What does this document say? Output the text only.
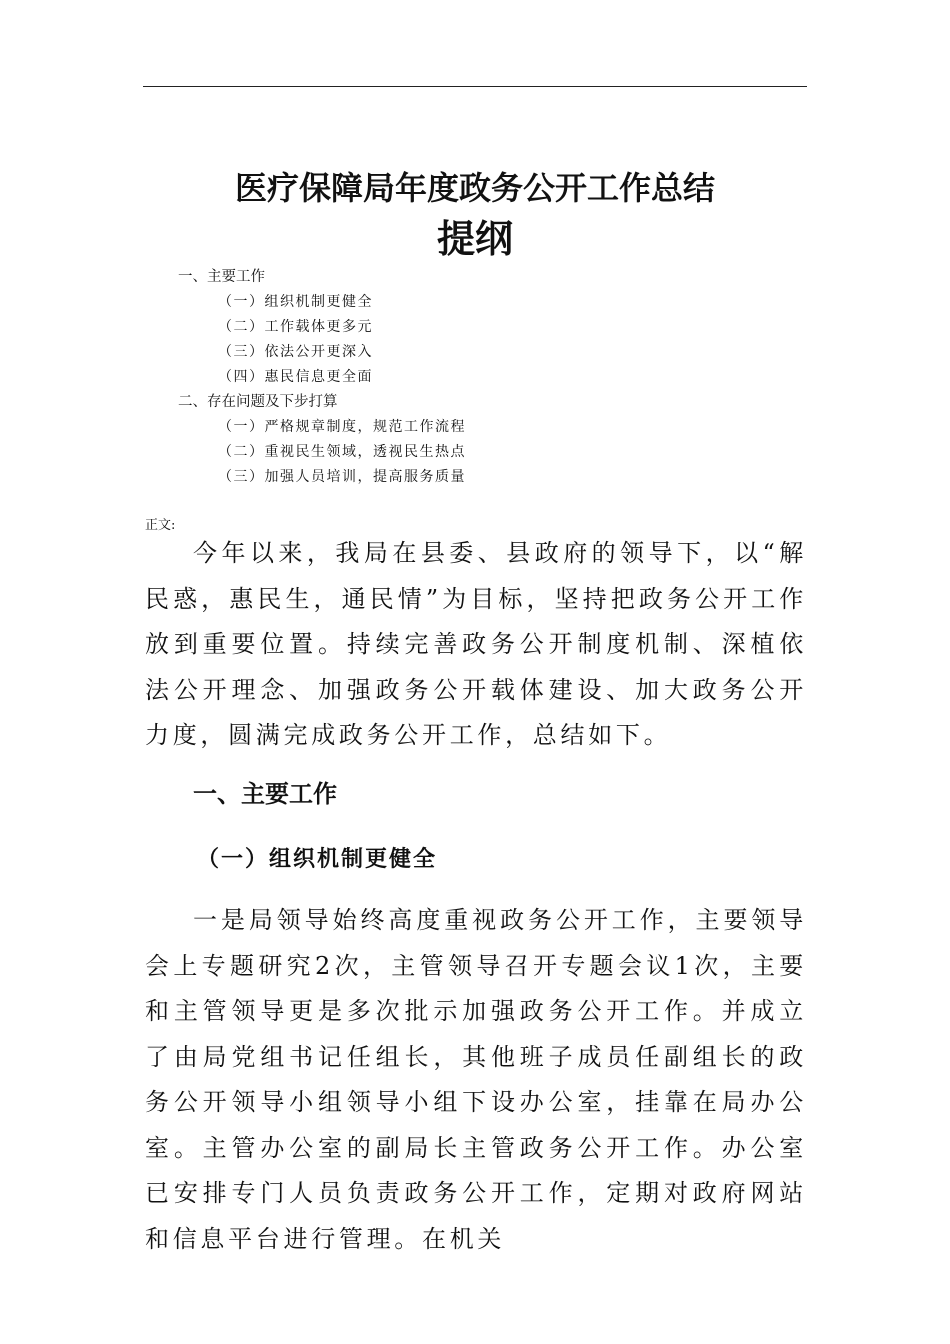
医疗保障局年度政务公开工作总结
提纲
一、主要工作
（一）组织机制更健全
（二）工作载体更多元
（三）依法公开更深入
（四）惠民信息更全面
二、存在问题及下步打算
（一）严格规章制度，规范工作流程
（二）重视民生领域，透视民生热点
（三）加强人员培训，提高服务质量
正文:

今年以来，我局在县委、县政府的领导下，以“解民惑，惠民生，通民情”为目标，坚持把政务公开工作放到重要位置。持续完善政务公开制度机制、深植依法公开理念、加强政务公开载体建设、加大政务公开力度，圆满完成政务公开工作，总结如下。

一、主要工作
（一）组织机制更健全

一是局领导始终高度重视政务公开工作，主要领导会上专题研究2次，主管领导召开专题会议1次，主要和主管领导更是多次批示加强政务公开工作。并成立了由局党组书记任组长，其他班子成员任副组长的政务公开领导小组领导小组下设办公室，挂靠在局办公室。主管办公室的副局长主管政务公开工作。办公室已安排专门人员负责政务公开工作，定期对政府网站和信息平台进行管理。在机关
